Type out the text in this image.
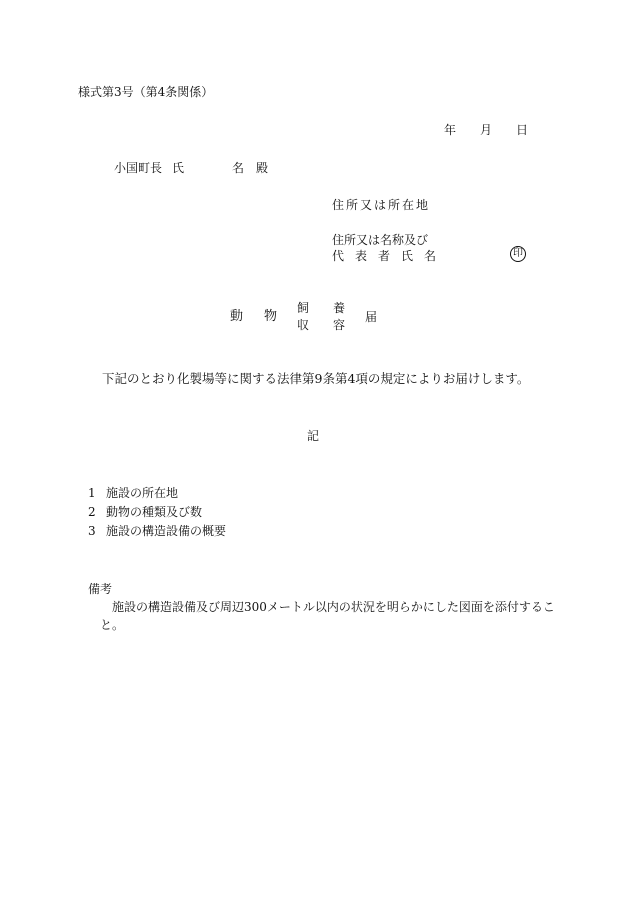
様式第3号（第4条関係）
年 月 日
小国町長 氏	名 殿
住所又は所在地
住所又は名称及び
代 表 者 氏 名	印
動 物
飼 養
収 容
届
下記のとおり化製場等に関する法律第9条第4項の規定によりお届けします。
記
1 施設の所在地
2 動物の種類及び数
3 施設の構造設備の概要
備考
施設の構造設備及び周辺300メートル以内の状況を明らかにした図面を添付するこ
と。
